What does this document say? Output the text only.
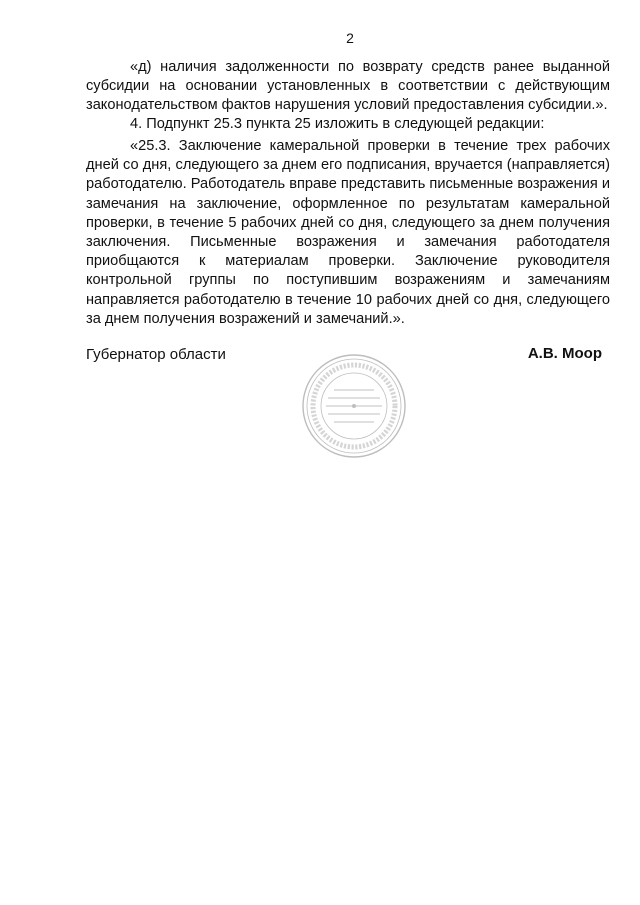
2

«д) наличия задолженности по возврату средств ранее выданной субсидии на основании установленных в соответствии с действующим законодательством фактов нарушения условий предоставления субсидии.».

4. Подпункт 25.3 пункта 25 изложить в следующей редакции:

«25.3. Заключение камеральной проверки в течение трех рабочих дней со дня, следующего за днем его подписания, вручается (направляется) работодателю. Работодатель вправе представить письменные возражения и замечания на заключение, оформленное по результатам камеральной проверки, в течение 5 рабочих дней со дня, следующего за днем получения заключения. Письменные возражения и замечания работодателя приобщаются к материалам проверки. Заключение руководителя контрольной группы по поступившим возражениям и замечаниям направляется работодателю в течение 10 рабочих дней со дня, следующего за днем получения возражений и замечаний.».

Губернатор области	А.В. Моор
